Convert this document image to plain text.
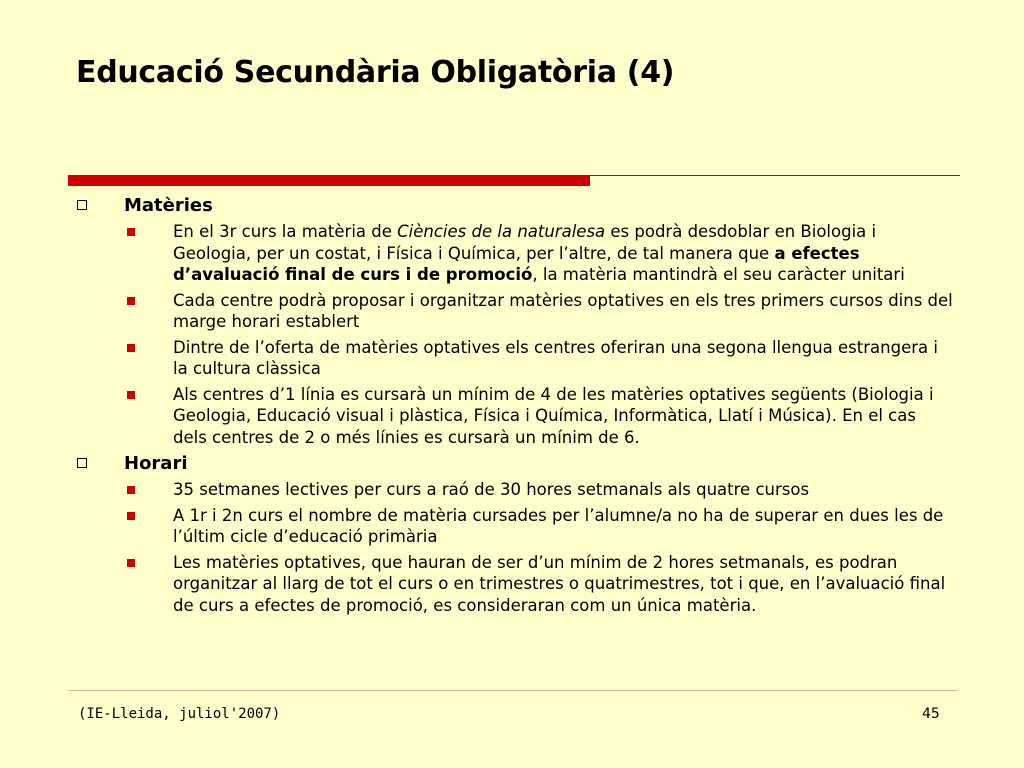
Educació Secundària Obligatòria (4)
Matèries
En el 3r curs la matèria de Ciències de la naturalesa es podrà desdoblar en Biologia i Geologia, per un costat, i Física i Química, per l’altre, de tal manera que a efectes d’avaluació final de curs i de promoció, la matèria mantindrà el seu caràcter unitari
Cada centre podrà proposar i organitzar matèries optatives en els tres primers cursos dins del marge horari establert
Dintre de l’oferta de matèries optatives els centres oferiran una segona llengua estrangera i la cultura clàssica
Als centres d’1 línia es cursarà un mínim de 4 de les matèries optatives següents (Biologia i Geologia, Educació visual i plàstica, Física i Química, Informàtica, Llatí i Música). En el cas dels centres de 2 o més línies es cursarà un mínim de 6.
Horari
35 setmanes lectives per curs a raó de 30 hores setmanals als quatre cursos
A 1r i 2n curs el nombre de matèria cursades per l’alumne/a no ha de superar en dues les de l’últim cicle d’educació primària
Les matèries optatives, que hauran de ser d’un mínim de 2 hores setmanals, es podran organitzar al llarg de tot el curs o en trimestres o quatrimestres, tot i que, en l’avaluació final de curs a efectes de promoció, es consideraran com un única matèria.
(IE-Lleida, juliol'2007)	45
